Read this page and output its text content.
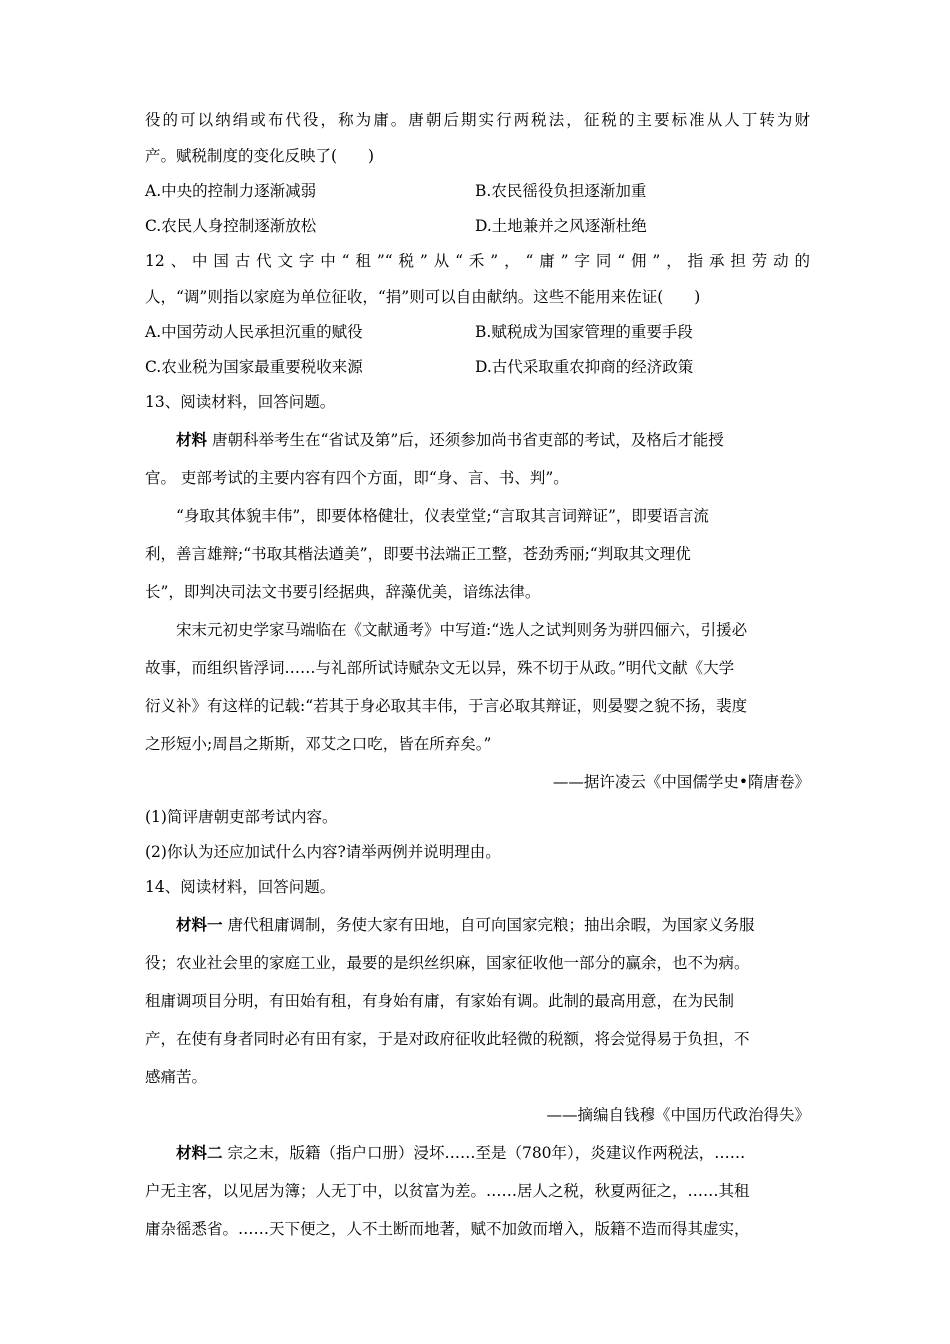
役的可以纳绢或布代役，称为庸。唐朝后期实行两税法，征税的主要标准从人丁转为财

产。赋税制度的变化反映了(　　)

A.中央的控制力逐渐减弱	B.农民徭役负担逐渐加重
C.农民人身控制逐渐放松	D.土地兼并之风逐渐杜绝

12、中国古代文字中“租”“税”从“禾”，“庸”字同“佣”，指承担劳动的

人，“调”则指以家庭为单位征收，“捐”则可以自由献纳。这些不能用来佐证(　　)

A.中国劳动人民承担沉重的赋役	B.赋税成为国家管理的重要手段
C.农业税为国家最重要税收来源	D.古代采取重农抑商的经济政策

13、阅读材料，回答问题。

材料 唐朝科举考生在“省试及第”后，还须参加尚书省吏部的考试，及格后才能授

官。 吏部考试的主要内容有四个方面，即“身、言、书、判”。

“身取其体貌丰伟”，即要体格健壮，仪表堂堂;“言取其言词辩证”，即要语言流

利，善言雄辩;“书取其楷法遒美”，即要书法端正工整，苍劲秀丽;“判取其文理优

长”，即判决司法文书要引经据典，辞藻优美，谙练法律。

宋末元初史学家马端临在《文献通考》中写道:“选人之试判则务为骈四俪六，引援必

故事，而组织皆浮词……与礼部所试诗赋杂文无以异，殊不切于从政。”明代文献《大学

衍义补》有这样的记载:“若其于身必取其丰伟，于言必取其辩证，则晏婴之貌不扬，裴度

之形短小;周昌之斯斯，邓艾之口吃，皆在所弃矣。”

——据许凌云《中国儒学史•隋唐卷》

(1)简评唐朝吏部考试内容。

(2)你认为还应加试什么内容?请举两例并说明理由。

14、阅读材料，回答问题。

材料一 唐代租庸调制，务使大家有田地，自可向国家完粮；抽出余暇，为国家义务服

役；农业社会里的家庭工业，最要的是织丝织麻，国家征收他一部分的赢余，也不为病。

租庸调项目分明，有田始有租，有身始有庸，有家始有调。此制的最高用意，在为民制

产，在使有身者同时必有田有家，于是对政府征收此轻微的税额，将会觉得易于负担，不

感痛苦。

——摘编自钱穆《中国历代政治得失》

材料二 宗之末，版籍（指户口册）浸坏……至是（780年），炎建议作两税法，……

户无主客，以见居为簿；人无丁中，以贫富为差。……居人之税，秋夏两征之，……其租

庸杂徭悉省。……天下便之，人不土断而地著，赋不加敛而增入，版籍不造而得其虚实，
